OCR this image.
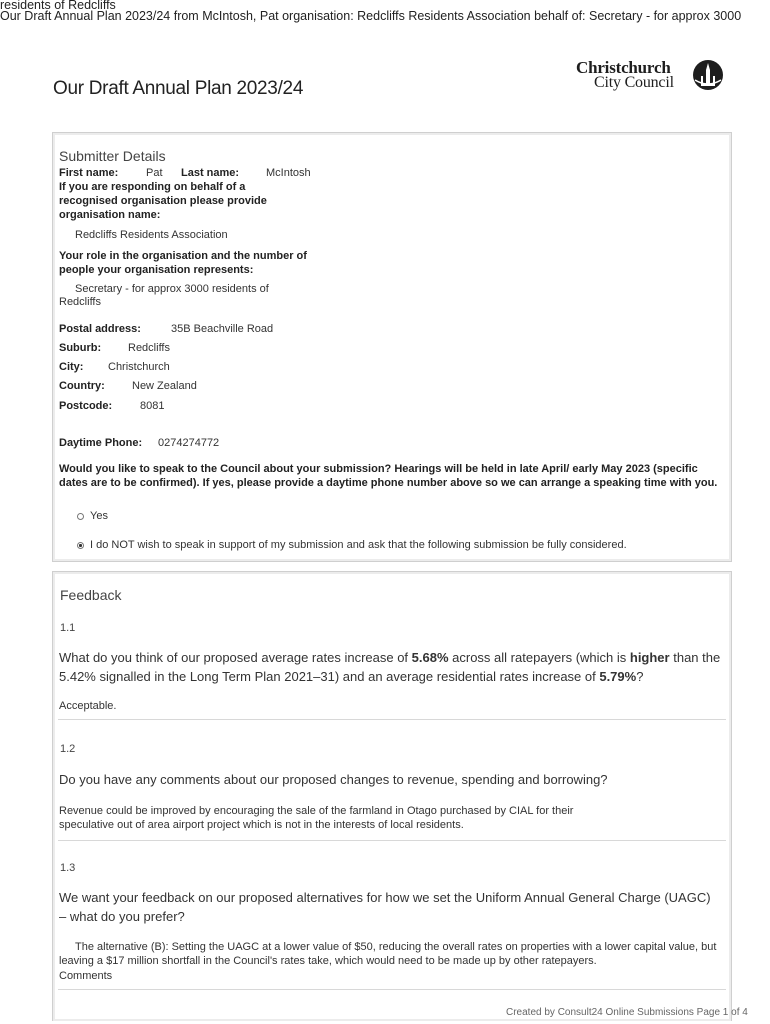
residents of Redcliffs
Our Draft Annual Plan 2023/24 from McIntosh, Pat organisation: Redcliffs Residents Association behalf of: Secretary - for approx 3000
Our Draft Annual Plan 2023/24
Christchurch
City Council
Submitter Details
First name:	Pat Last name: McIntosh
If you are responding on behalf of a recognised organisation please provide organisation name:
Redcliffs Residents Association
Your role in the organisation and the number of people your organisation represents:
Secretary - for approx 3000 residents of
Redcliffs
Postal address:	35B Beachville Road
Suburb: Redcliffs
City: Christchurch
Country: New Zealand
Postcode:	8081
Daytime Phone: 0274274772
Would you like to speak to the Council about your submission? Hearings will be held in late April/ early May 2023 (specific dates are to be confirmed). If yes, please provide a daytime phone number above so we can arrange a speaking time with you.
Yes
I do NOT wish to speak in support of my submission and ask that the following submission be fully considered.
Feedback
1.1
What do you think of our proposed average rates increase of 5.68% across all ratepayers (which is higher than the 5.42% signalled in the Long Term Plan 2021–31) and an average residential rates increase of 5.79%?
Acceptable.
1.2
Do you have any comments about our proposed changes to revenue, spending and borrowing?
Revenue could be improved by encouraging the sale of the farmland in Otago purchased by CIAL for their
speculative out of area airport project which is not in the interests of local residents.
1.3
We want your feedback on our proposed alternatives for how we set the Uniform Annual General Charge (UAGC) – what do you prefer?
The alternative (B): Setting the UAGC at a lower value of $50, reducing the overall rates on properties with a lower capital value, but leaving a $17 million shortfall in the Council's rates take, which would need to be made up by other ratepayers.
Comments
Created by Consult24 Online Submissions Page 1 of 4
